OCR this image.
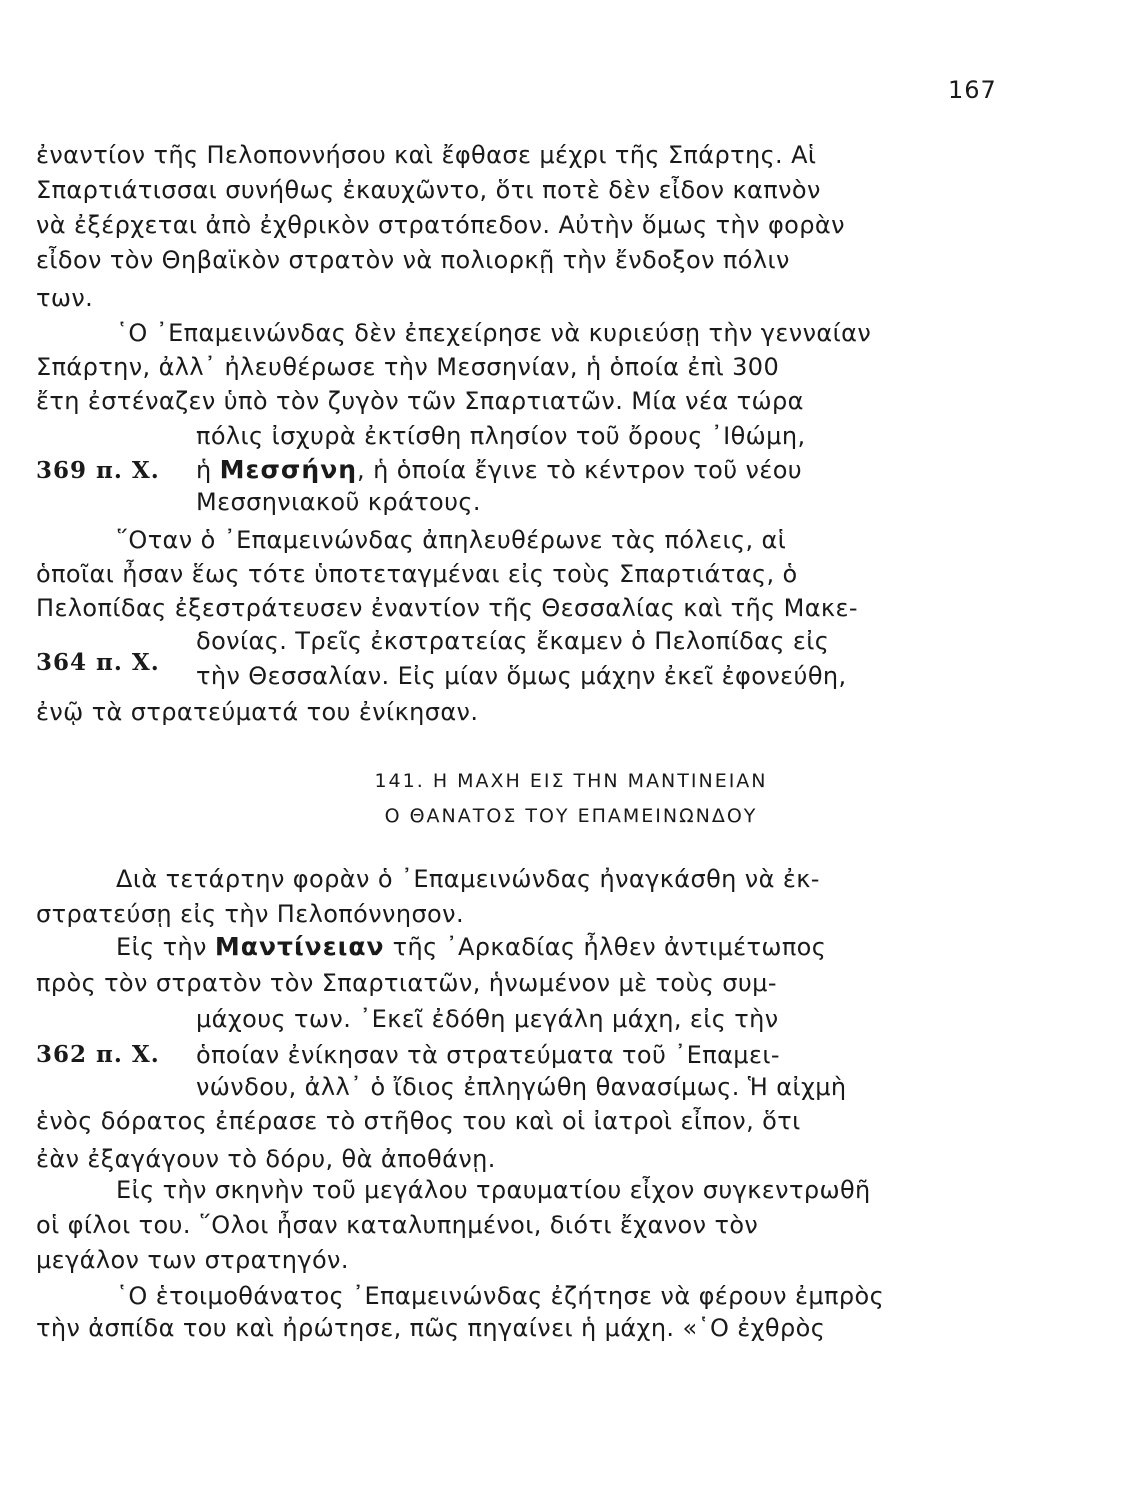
167
ἐναντίον τῆς Πελοποννήσου καὶ ἔφθασε μέχρι τῆς Σπάρτης. Αἱ
Σπαρτιάτισσαι συνήθως ἐκαυχῶντο, ὅτι ποτὲ δὲν εἶδον καπνὸν
νὰ ἐξέρχεται ἀπὸ ἐχθρικὸν στρατόπεδον. Αὐτὴν ὅμως τὴν φορὰν
εἶδον τὸν Θηβαϊκὸν στρατὸν νὰ πολιορκῇ τὴν ἔνδοξον πόλιν
των.
῾Ο ᾿Επαμεινώνδας δὲν ἐπεχείρησε νὰ κυριεύσῃ τὴν γενναίαν
Σπάρτην, ἀλλ᾿ ἠλευθέρωσε τὴν Μεσσηνίαν, ἡ ὁποία ἐπὶ 300
ἔτη ἐστέναζεν ὑπὸ τὸν ζυγὸν τῶν Σπαρτιατῶν. Μία νέα τώρα
πόλις ἰσχυρὰ ἐκτίσθη πλησίον τοῦ ὄρους ᾿Ιθώμη,
369 π. Χ. ἡ Μεσσήνη, ἡ ὁποία ἔγινε τὸ κέντρον τοῦ νέου
Μεσσηνιακοῦ κράτους.
῞Οταν ὁ ᾿Επαμεινώνδας ἀπηλευθέρωνε τὰς πόλεις, αἱ
ὁποῖαι ἦσαν ἕως τότε ὑποτεταγμέναι εἰς τοὺς Σπαρτιάτας, ὁ
Πελοπίδας ἐξεστράτευσεν ἐναντίον τῆς Θεσσαλίας καὶ τῆς Μακε-
δονίας. Τρεῖς ἐκστρατείας ἔκαμεν ὁ Πελοπίδας εἰς
364 π. Χ. τὴν Θεσσαλίαν. Εἰς μίαν ὅμως μάχην ἐκεῖ ἐφονεύθη,
ἐνῷ τὰ στρατεύματά του ἐνίκησαν.
141. Η ΜΑΧΗ ΕΙΣ ΤΗΝ ΜΑΝΤΙΝΕΙΑΝ
Ο ΘΑΝΑΤΟΣ ΤΟΥ ΕΠΑΜΕΙΝΩΝΔΟΥ
Διὰ τετάρτην φορὰν ὁ ᾿Επαμεινώνδας ἠναγκάσθη νὰ ἐκ-
στρατεύσῃ εἰς τὴν Πελοπόννησον.
Εἰς τὴν Μαντίνειαν τῆς ᾿Αρκαδίας ἦλθεν ἀντιμέτωπος
πρὸς τὸν στρατὸν τὸν Σπαρτιατῶν, ἡνωμένον μὲ τοὺς συμ-
μάχους των. ᾿Εκεῖ ἐδόθη μεγάλη μάχη, εἰς τὴν
362 π. Χ. ὁποίαν ἐνίκησαν τὰ στρατεύματα τοῦ ᾿Επαμει-
νώνδου, ἀλλ᾿ ὁ ἴδιος ἐπληγώθη θανασίμως. Ἡ αἰχμὴ
ἑνὸς δόρατος ἐπέρασε τὸ στῆθος του καὶ οἱ ἰατροὶ εἶπον, ὅτι
ἐὰν ἐξαγάγουν τὸ δόρυ, θὰ ἀποθάνῃ.
Εἰς τὴν σκηνὴν τοῦ μεγάλου τραυματίου εἶχον συγκεντρωθῆ
οἱ φίλοι του. ῞Ολοι ἦσαν καταλυπημένοι, διότι ἔχανον τὸν
μεγάλον των στρατηγόν.
῾Ο ἑτοιμοθάνατος ᾿Επαμεινώνδας ἐζήτησε νὰ φέρουν ἐμπρὸς
τὴν ἀσπίδα του καὶ ἠρώτησε, πῶς πηγαίνει ἡ μάχη. «῾Ο ἐχθρὸς
